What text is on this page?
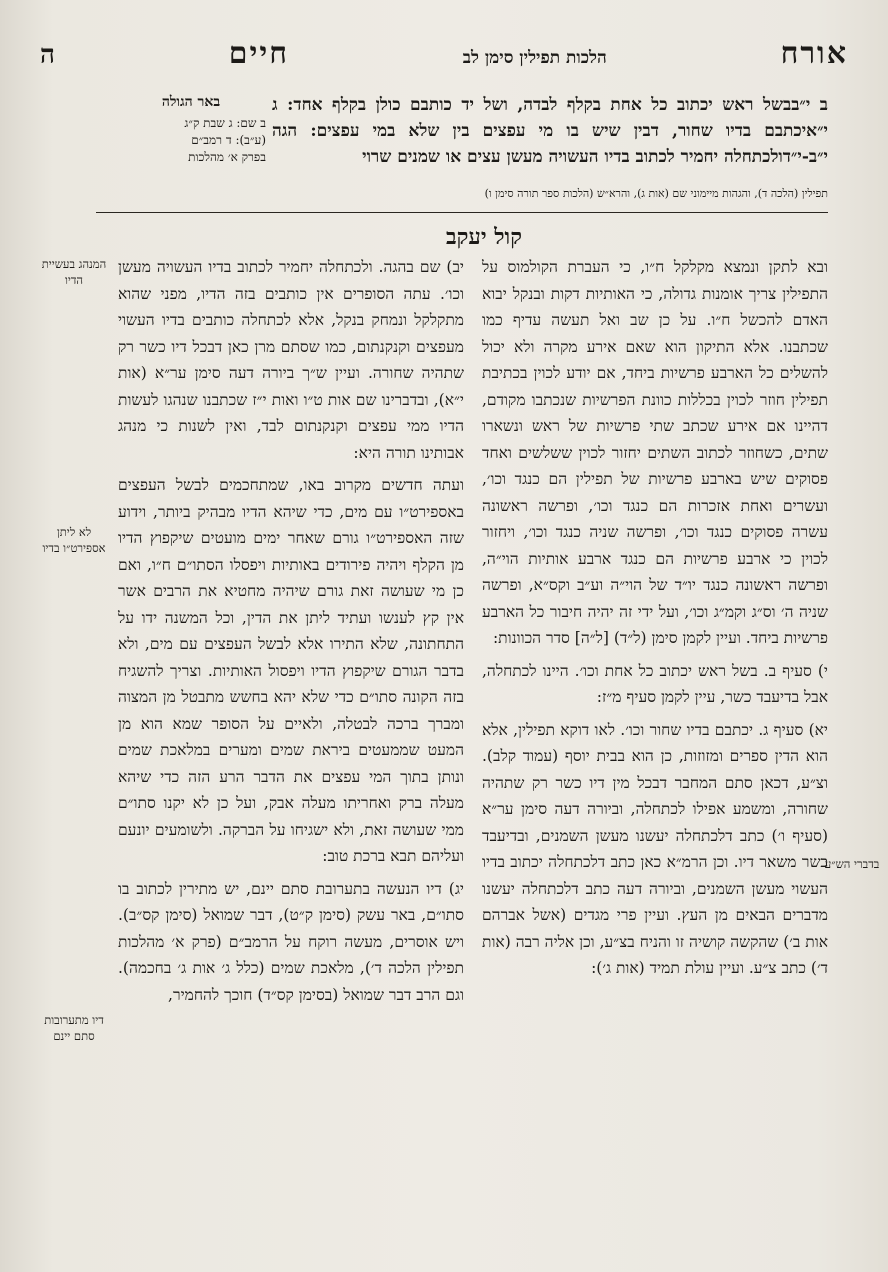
אורח
הלכות תפילין סימן לב
חיים
ה
ב ‏י״בבשל ראש יכתוב כל אחת בקלף לבדה, ושל יד כותבם כולן בקלף אחד: ג ‏י״איכתבם בדיו שחור, ‏דבין שיש בו מי עפצים בין שלא במי עפצים: הגה ‏י״ב-י״דולכתחלה יחמיר לכתוב בדיו העשויה מעשן עצים או שמנים שרוי
באר הגולה
ב שם: ג שבת ק״ג
(ע״ב): ד רמב״ם
בפרק א׳ מהלכות
תפילין (הלכה ד), והגהות מיימוני שם (אות ג), והרא״ש (הלכות ספר תורה סימן ו)
קול יעקב

ובא לתקן ונמצא מקלקל ח״ו, כי העברת הקולמוס על התפילין צריך אומנות גדולה, כי האותיות דקות ובנקל יבוא האדם להכשל ח״ו. על כן שב ואל תעשה עדיף כמו שכתבנו. אלא התיקון הוא שאם אירע מקרה ולא יכול להשלים כל הארבע פרשיות ביחד, אם יודע לכוין בכתיבת תפילין חוזר לכוין בכללות כוונת הפרשיות שנכתבו מקודם, דהיינו אם אירע שכתב שתי פרשיות של ראש ונשארו שתים, כשחוזר לכתוב השתים יחזור לכוין ששלשים ואחד פסוקים שיש בארבע פרשיות של תפילין הם כנגד וכו׳, ועשרים ואחת אזכרות הם כנגד וכו׳, ופרשה ראשונה עשרה פסוקים כנגד וכו׳, ופרשה שניה כנגד וכו׳, ויחזור לכוין כי ארבע פרשיות הם כנגד ארבע אותיות הוי״ה, ופרשה ראשונה כנגד יו״ד של הוי״ה וע״ב וקס״א, ופרשה שניה ה׳ וס״ג וקמ״ג וכו׳, ועל ידי זה יהיה חיבור כל הארבע פרשיות ביחד. ועיין לקמן סימן (ל״ד) [ל״ה] סדר הכוונות:

י) סעיף ב. בשל ראש יכתוב כל אחת וכו׳. היינו לכתחלה, אבל בדיעבד כשר, עיין לקמן סעיף מ״ז:

יא) סעיף ג. יכתבם בדיו שחור וכו׳. לאו דוקא תפילין, אלא הוא הדין ספרים ומזוזות, כן הוא בבית יוסף (עמוד קלב). וצ״ע, דכאן סתם המחבר דבכל מין דיו כשר רק שתהיה שחורה, ומשמע אפילו לכתחלה, וביורה דעה סימן ער״א (סעיף ו׳) כתב דלכתחלה יעשנו מעשן השמנים, ובדיעבד כשר משאר דיו. וכן הרמ״א כאן כתב דלכתחלה יכתוב בדיו העשוי מעשן השמנים, וביורה דעה כתב דלכתחלה יעשנו מדברים הבאים מן העץ. ועיין פרי מגדים (אשל אברהם אות ב׳) שהקשה קושיה זו והניח בצ״ע, וכן אליה רבה (אות ד׳) כתב צ״ע. ועיין עולת תמיד (אות ג׳):

יב) שם בהגה. ולכתחלה יחמיר לכתוב בדיו העשויה מעשן וכו׳. עתה הסופרים אין כותבים בזה הדיו, מפני שהוא מתקלקל ונמחק בנקל, אלא לכתחלה כותבים בדיו העשוי מעפצים וקנקנתום, כמו שסתם מרן כאן דבכל דיו כשר רק שתהיה שחורה. ועיין ש״ך ביורה דעה סימן ער״א (אות י״א), ובדברינו שם אות ט״ו ואות י״ז שכתבנו שנהגו לעשות הדיו ממי עפצים וקנקנתום לבד, ואין לשנות כי מנהג אבותינו תורה היא:

ועתה חדשים מקרוב באו, שמתחכמים לבשל העפצים באספירט״ו עם מים, כדי שיהא הדיו מבהיק ביותר, וידוע שזה האספירט״ו גורם שאחר ימים מועטים שיקפוץ הדיו מן הקלף ויהיה פירודים באותיות ויפסלו הסתו״ם ח״ו, ואם כן מי שעושה זאת גורם שיהיה מחטיא את הרבים אשר אין קץ לענשו ועתיד ליתן את הדין, וכל המשנה ידו על התחתונה, שלא התירו אלא לבשל העפצים עם מים, ולא בדבר הגורם שיקפוץ הדיו ויפסול האותיות. וצריך להשגיח בזה הקונה סתו״ם כדי שלא יהא בחשש מתבטל מן המצוה ומברך ברכה לבטלה, ולאיים על הסופר שמא הוא מן המעט שממעטים ביראת שמים ומערים במלאכת שמים ונותן בתוך המי עפצים את הדבר הרע הזה כדי שיהא מעלה ברק ואחריתו מעלה אבק, ועל כן לא יקנו סתו״ם ממי שעושה זאת, ולא ישגיחו על הברקה. ולשומעים יונעם ועליהם תבא ברכת טוב:

יג) דיו הנעשה בתערובת סתם יינם, יש מתירין לכתוב בו סתו״ם, באר עשק (סימן ק״ט), דבר שמואל (סימן קס״ב). ויש אוסרים, מעשה רוקח על הרמב״ם (פרק א׳ מהלכות תפילין הלכה ד׳), מלאכת שמים (כלל ג׳ אות ג׳ בחכמה). וגם הרב דבר שמואל (בסימן קס״ד) חוכך להחמיר,

המנהג בעשיית הדיו
לא ליתן אספירט״ו בדיו
בדברי הש״ע
דיו מתערובות סתם יינם
